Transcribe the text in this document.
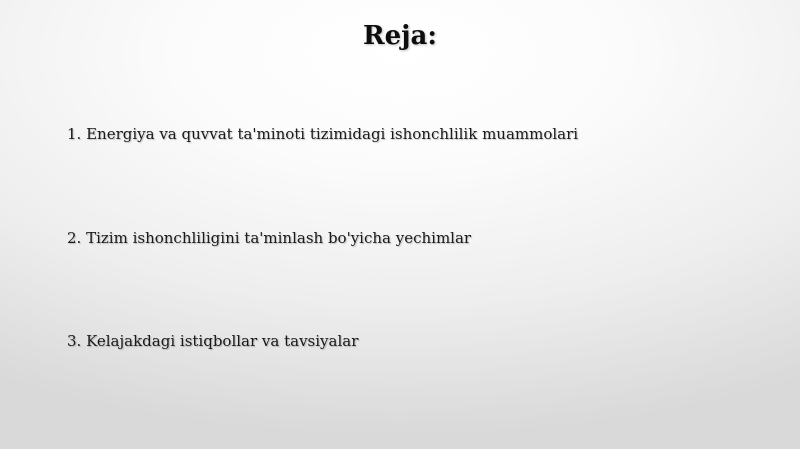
Reja:
1. Energiya va quvvat ta'minoti tizimidagi ishonchlilik muammolari
2. Tizim ishonchliligini ta'minlash bo'yicha yechimlar
3. Kelajakdagi istiqbollar va tavsiyalar
